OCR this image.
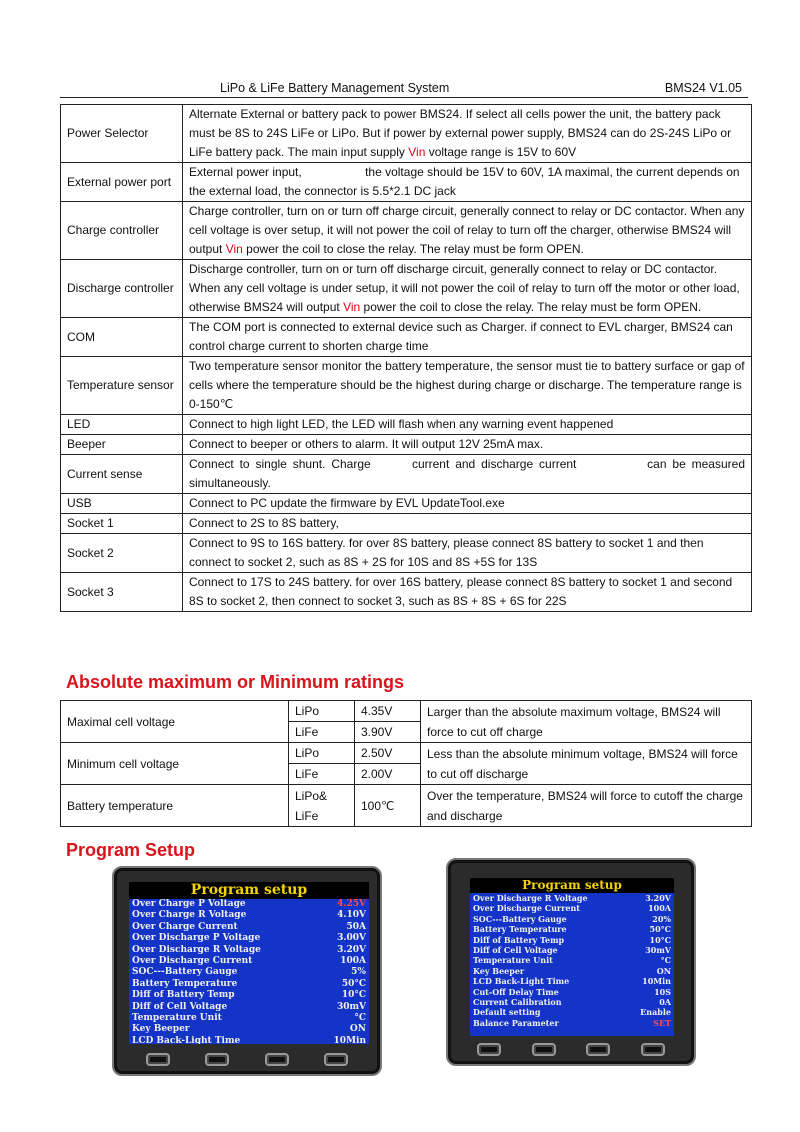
LiPo & LiFe Battery Management System	BMS24 V1.05
Power Selector	Alternate External or battery pack to power BMS24. If select all cells power the unit, the battery pack must be 8S to 24S LiFe or LiPo. But if power by external power supply, BMS24 can do 2S-24S LiPo or LiFe battery pack. The main input supply Vin voltage range is 15V to 60V
External power port	External power input,                   the voltage should be 15V to 60V, 1A maximal, the current depends on the external load, the connector is 5.5*2.1 DC jack
Charge controller	Charge controller, turn on or turn off charge circuit, generally connect to relay or DC contactor. When any cell voltage is over setup, it will not power the coil of relay to turn off the charger, otherwise BMS24 will output Vin power the coil to close the relay. The relay must be form OPEN.
Discharge controller	Discharge controller, turn on or turn off discharge circuit, generally connect to relay or DC contactor. When any cell voltage is under setup, it will not power the coil of relay to turn off the motor or other load, otherwise BMS24 will output Vin power the coil to close the relay. The relay must be form OPEN.
COM	The COM port is connected to external device such as Charger. if connect to EVL charger, BMS24 can control charge current to shorten charge time
Temperature sensor	Two temperature sensor monitor the battery temperature, the sensor must tie to battery surface or gap of cells where the temperature should be the highest during charge or discharge. The temperature range is 0-150℃
LED	Connect to high light LED, the LED will flash when any warning event happened
Beeper	Connect to beeper or others to alarm. It will output 12V 25mA max.
Current sense	Connect to single shunt. Charge       current and discharge current            can be measured simultaneously.
USB	Connect to PC update the firmware by EVL UpdateTool.exe
Socket 1	Connect to 2S to 8S battery,
Socket 2	Connect to 9S to 16S battery. for over 8S battery, please connect 8S battery to socket 1 and then connect to socket 2, such as 8S + 2S for 10S and 8S +5S for 13S
Socket 3	Connect to 17S to 24S battery. for over 16S battery, please connect 8S battery to socket 1 and second 8S to socket 2, then connect to socket 3, such as 8S + 8S + 6S for 22S
Absolute maximum or Minimum ratings
Maximal cell voltage	LiPo	4.35V	Larger than the absolute maximum voltage, BMS24 will force to cut off charge
	LiFe	3.90V	
Minimum cell voltage	LiPo	2.50V	Less than the absolute minimum voltage, BMS24 will force to cut off discharge
	LiFe	2.00V	
Battery temperature	LiPo& LiFe	100℃	Over the temperature, BMS24 will force to cutoff the charge and discharge
Program Setup
Program setup
Over Charge P Voltage	4.25V
Over Charge R Voltage	4.10V
Over Charge Current	50A
Over Discharge P Voltage	3.00V
Over Discharge R Voltage	3.20V
Over Discharge Current	100A
SOC---Battery Gauge	5%
Battery Temperature	50°C
Diff of Battery Temp	10°C
Diff of Cell Voltage	30mV
Temperature Unit	°C
Key Beeper	ON
LCD Back-Light Time	10Min
Program setup
Over Discharge R Voltage	3.20V
Over Discharge Current	100A
SOC---Battery Gauge	20%
Battery Temperature	50°C
Diff of Battery Temp	10°C
Diff of Cell Voltage	30mV
Temperature Unit	°C
Key Beeper	ON
LCD Back-Light Time	10Min
Cut-Off Delay Time	10S
Current Calibration	0A
Default setting	Enable
Balance Parameter	SET
